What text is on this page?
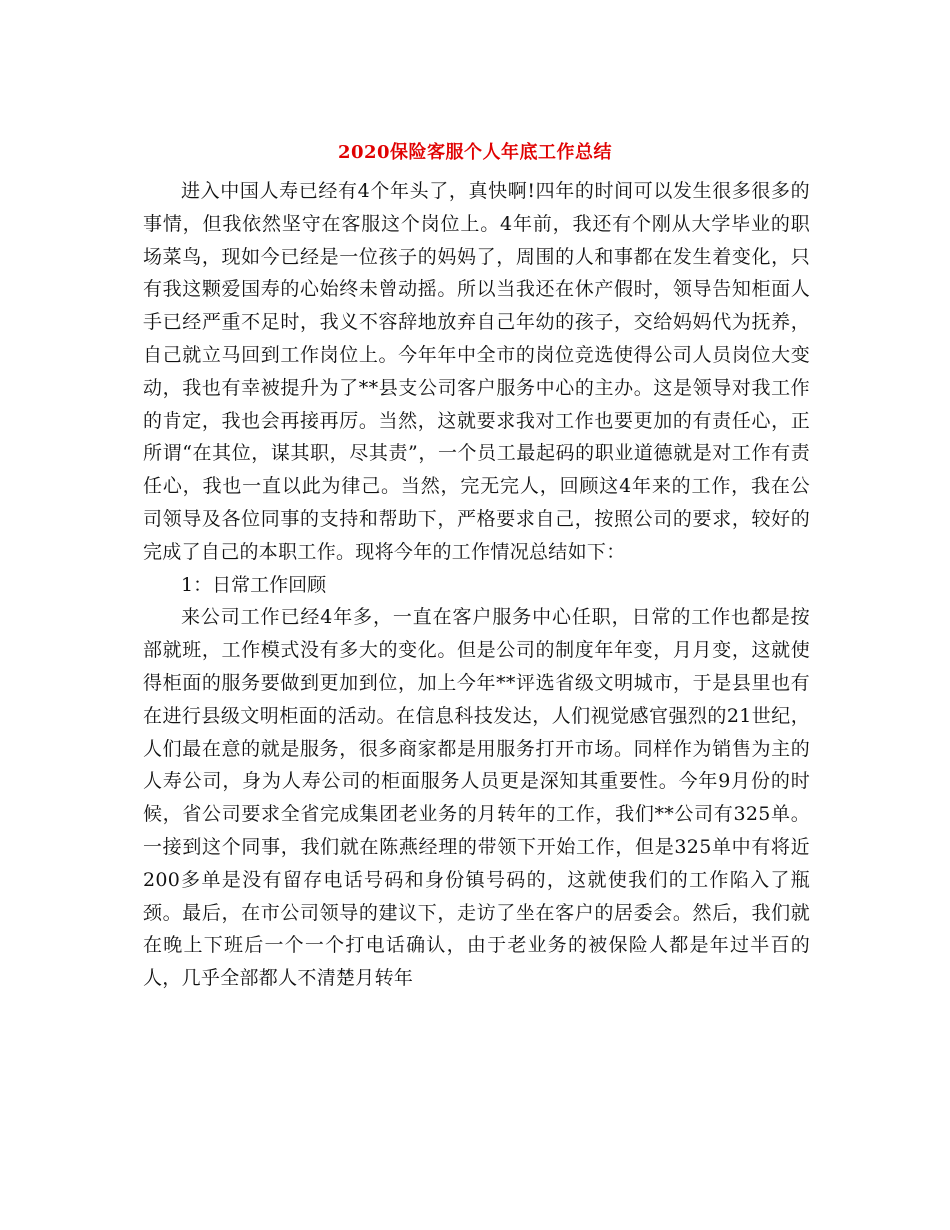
2020保险客服个人年底工作总结

进入中国人寿已经有4个年头了，真快啊!四年的时间可以发生很多很多的事情，但我依然坚守在客服这个岗位上。4年前，我还有个刚从大学毕业的职场菜鸟，现如今已经是一位孩子的妈妈了，周围的人和事都在发生着变化，只有我这颗爱国寿的心始终未曾动摇。所以当我还在休产假时，领导告知柜面人手已经严重不足时，我义不容辞地放弃自己年幼的孩子，交给妈妈代为抚养，自己就立马回到工作岗位上。今年年中全市的岗位竞选使得公司人员岗位大变动，我也有幸被提升为了**县支公司客户服务中心的主办。这是领导对我工作的肯定，我也会再接再厉。当然，这就要求我对工作也要更加的有责任心，正所谓“在其位，谋其职，尽其责”，一个员工最起码的职业道德就是对工作有责任心，我也一直以此为律己。当然，完无完人，回顾这4年来的工作，我在公司领导及各位同事的支持和帮助下，严格要求自己，按照公司的要求，较好的完成了自己的本职工作。现将今年的工作情况总结如下：

1：日常工作回顾

来公司工作已经4年多，一直在客户服务中心任职，日常的工作也都是按部就班，工作模式没有多大的变化。但是公司的制度年年变，月月变，这就使得柜面的服务要做到更加到位，加上今年**评选省级文明城市，于是县里也有在进行县级文明柜面的活动。在信息科技发达，人们视觉感官强烈的21世纪，人们最在意的就是服务，很多商家都是用服务打开市场。同样作为销售为主的人寿公司，身为人寿公司的柜面服务人员更是深知其重要性。今年9月份的时候，省公司要求全省完成集团老业务的月转年的工作，我们**公司有325单。一接到这个同事，我们就在陈燕经理的带领下开始工作，但是325单中有将近200多单是没有留存电话号码和身份镇号码的，这就使我们的工作陷入了瓶颈。最后，在市公司领导的建议下，走访了坐在客户的居委会。然后，我们就在晚上下班后一个一个打电话确认，由于老业务的被保险人都是年过半百的人，几乎全部都人不清楚月转年
